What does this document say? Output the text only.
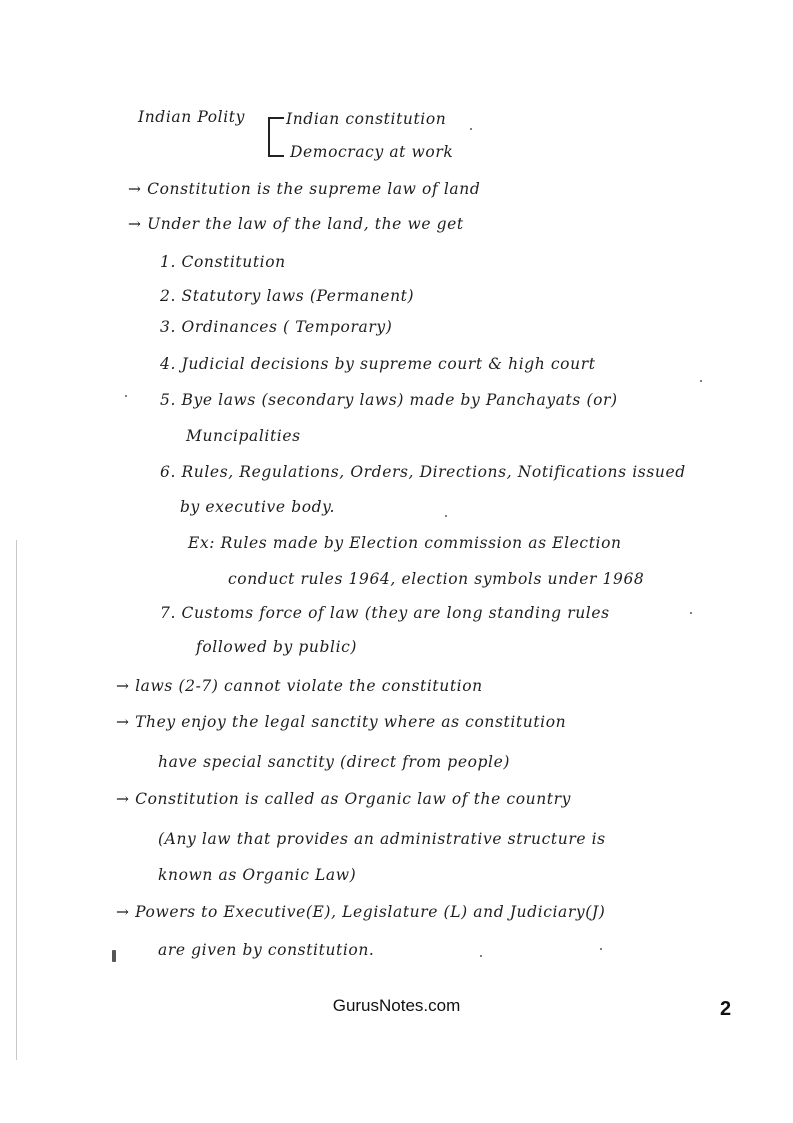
Indian Polity	Indian constitution
Democracy at work
→ Constitution is the supreme law of land
→ Under the law of the land, the we get
1. Constitution
2. Statutory laws (Permanent)
3. Ordinances ( Temporary)
4. Judicial decisions by supreme court & high court
5. Bye laws (secondary laws) made by Panchayats (or)
Muncipalities
6. Rules, Regulations, Orders, Directions, Notifications issued
by executive body.
Ex: Rules made by Election commission as Election
conduct rules 1964, election symbols under 1968
7. Customs force of law (they are long standing rules
followed by public)
→ laws (2-7) cannot violate the constitution
→ They enjoy the legal sanctity where as constitution
have special sanctity (direct from people)
→ Constitution is called as Organic law of the country
(Any law that provides an administrative structure is
known as Organic Law)
→ Powers to Executive(E), Legislature (L) and Judiciary(J)
are given by constitution.
GurusNotes.com	2
